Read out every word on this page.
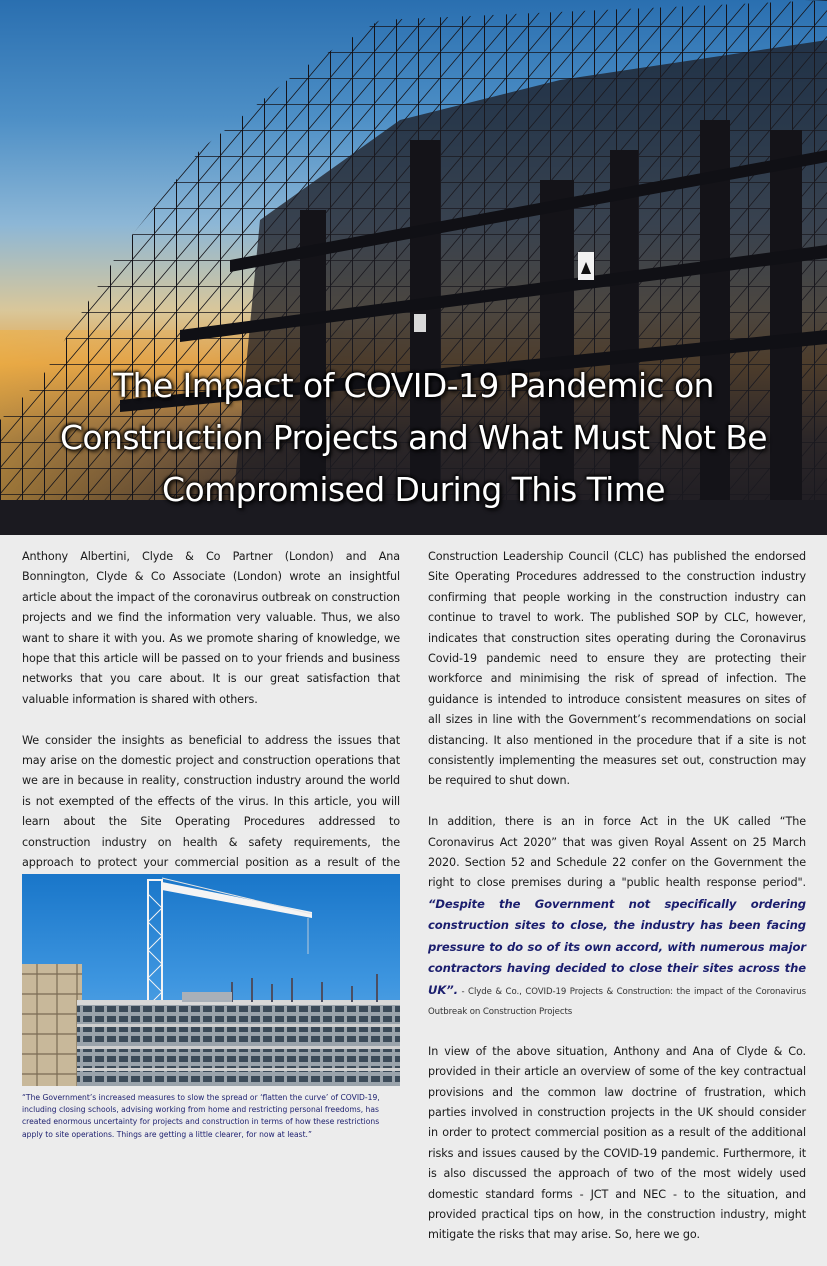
The Impact of COVID-19 Pandemic on
Construction Projects and What Must Not Be
Compromised During This Time

Anthony Albertini, Clyde & Co Partner (London) and Ana Bonnington, Clyde & Co Associate (London) wrote an insightful article about the impact of the coronavirus outbreak on construction projects and we find the information very valuable. Thus, we also want to share it with you. As we promote sharing of knowledge, we hope that this article will be passed on to your friends and business networks that you care about. It is our great satisfaction that valuable information is shared with others.

We consider the insights as beneficial to address the issues that may arise on the domestic project and construction operations that we are in because in reality, construction industry around the world is not exempted of the effects of the virus. In this article, you will learn about the Site Operating Procedures addressed to construction industry on health & safety requirements, the approach to protect your commercial position as a result of the

“The Government’s increased measures to slow the spread or ‘flatten the curve’ of COVID-19, including closing schools, advising working from home and restricting personal freedoms, has created enormous uncertainty for projects and construction in terms of how these restrictions apply to site operations. Things are getting a little clearer, for now at least.”

Construction Leadership Council (CLC) has published the endorsed Site Operating Procedures addressed to the construction industry confirming that people working in the construction industry can continue to travel to work. The published SOP by CLC, however, indicates that construction sites operating during the Coronavirus Covid-19 pandemic need to ensure they are protecting their workforce and minimising the risk of spread of infection. The guidance is intended to introduce consistent measures on sites of all sizes in line with the Government’s recommendations on social distancing. It also mentioned in the procedure that if a site is not consistently implementing the measures set out, construction may be required to shut down.

In addition, there is an in force Act in the UK called “The Coronavirus Act 2020” that was given Royal Assent on 25 March 2020. Section 52 and Schedule 22 confer on the Government the right to close premises during a "public health response period". “Despite the Government not specifically ordering construction sites to close, the industry has been facing pressure to do so of its own accord, with numerous major contractors having decided to close their sites across the UK”. - Clyde & Co., COVID-19 Projects & Construction: the impact of the Coronavirus Outbreak on Construction Projects

In view of the above situation, Anthony and Ana of Clyde & Co. provided in their article an overview of some of the key contractual provisions and the common law doctrine of frustration, which parties involved in construction projects in the UK should consider in order to protect commercial position as a result of the additional risks and issues caused by the COVID-19 pandemic. Furthermore, it is also discussed the approach of two of the most widely used domestic standard forms - JCT and NEC - to the situation, and provided practical tips on how, in the construction industry, might mitigate the risks that may arise. So, here we go.
